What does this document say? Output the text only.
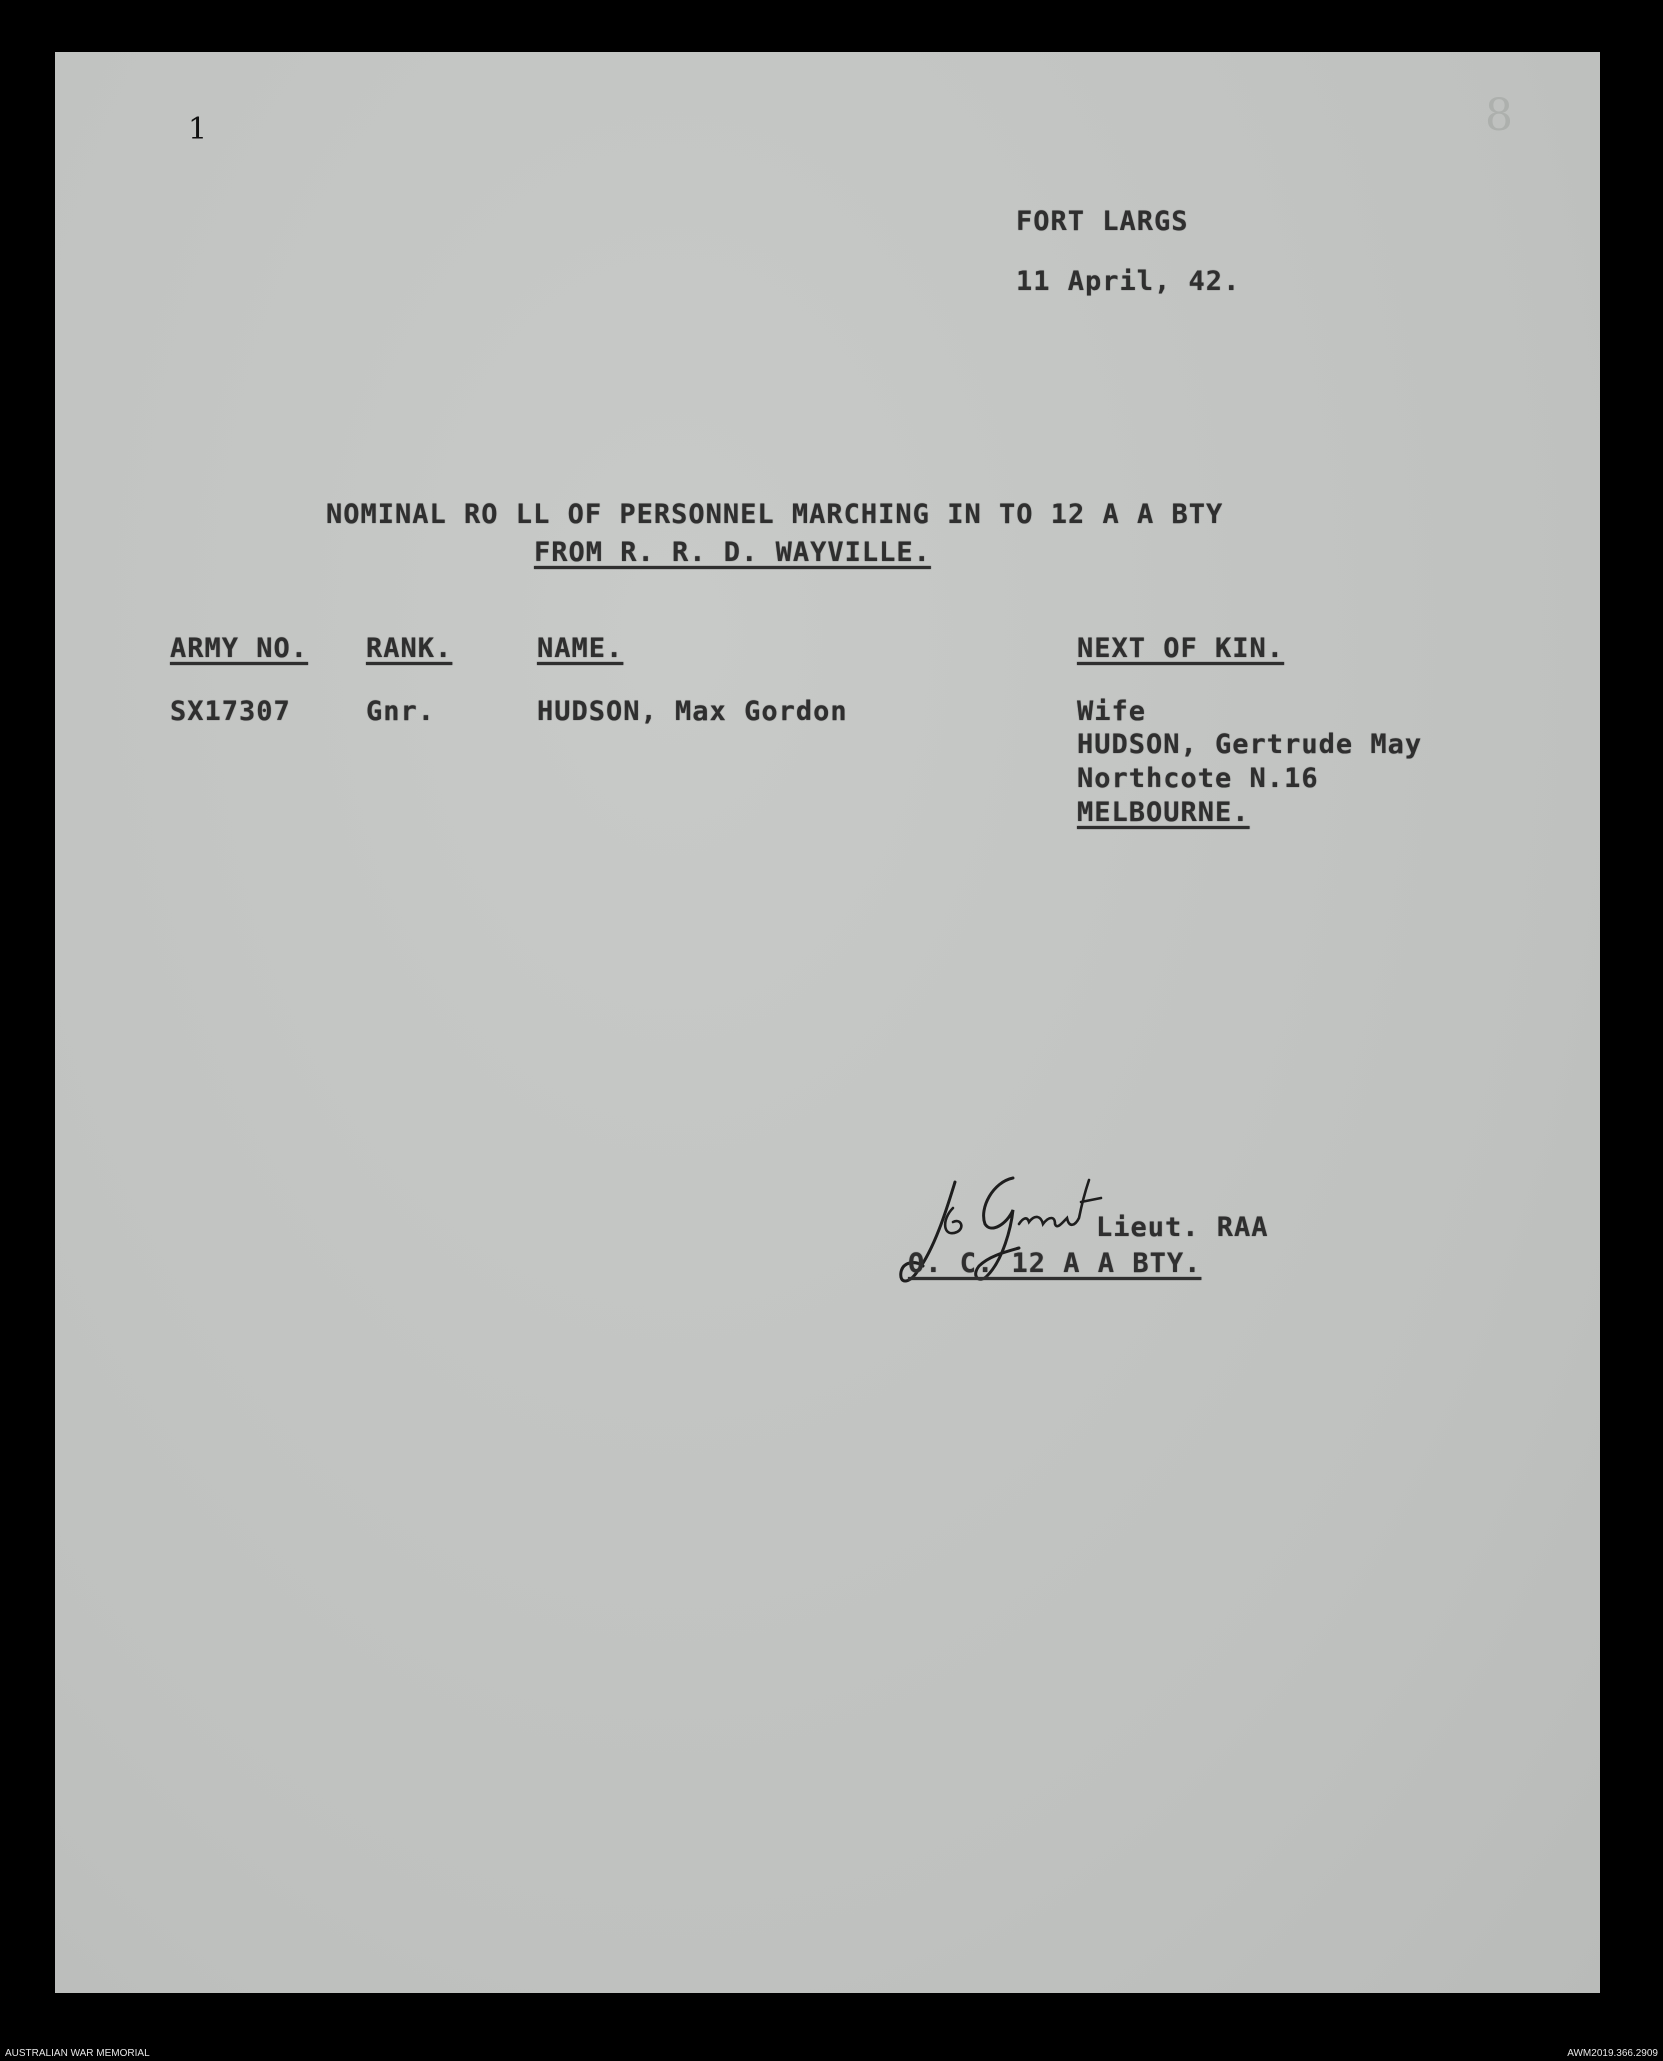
1	8
FORT LARGS
11 April, 42.
NOMINAL RO LL OF PERSONNEL MARCHING IN TO 12 A A BTY
FROM R. R. D. WAYVILLE.
ARMY NO. RANK.	NAME.	NEXT OF KIN.
SX17307	Gnr.	HUDSON, Max Gordon	Wife
HUDSON, Gertrude May
Northcote N.16
MELBOURNE.
Lieut. RAA
O. C. 12 A A BTY.
AUSTRALIAN WAR MEMORIAL	AWM2019.366.2909
